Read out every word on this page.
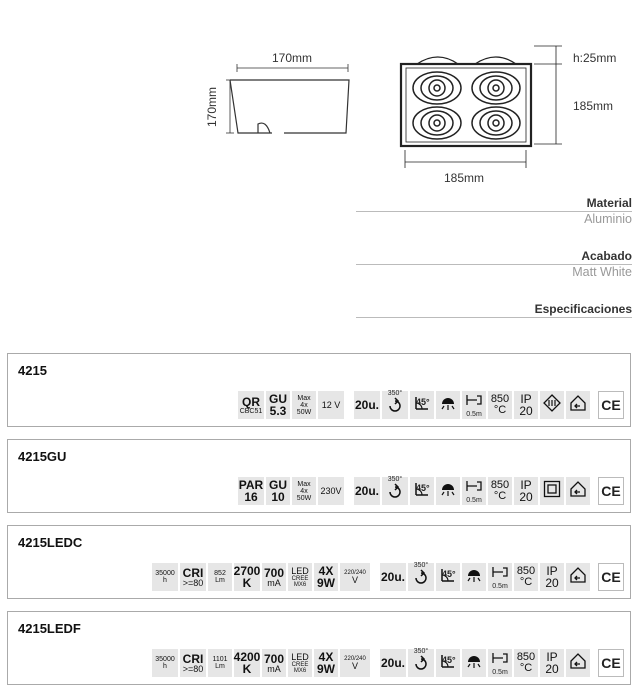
170mm
170mm
h:25mm
185mm
185mm
Material
Aluminio
Acabado
Matt White
Especificaciones
4215
QR
CBC51
GU
5.3
Max
4x
50W
12 V 20u.
350°
45°
0.5m
850
°C
IP
20	CE
4215GU
PAR
16
GU
10
Max
4x
50W
230V 20u.
350°
45°
0.5m
850
°C
IP
20	CE
4215LEDC
35000
h
CRI
>=80
852
Lm
2700
K
700
mA
LED
CREE
MX6
4X
9W
220/240
V 20u.
350°
45°
0.5m
850
°C
IP
20	CE
4215LEDF
35000
h
CRI
>=80
1101
Lm
4200
K
700
mA
LED
CREE
MX6
4X
9W
220/240
V 20u.
350°
45°
0.5m
850
°C
IP
20	CE
